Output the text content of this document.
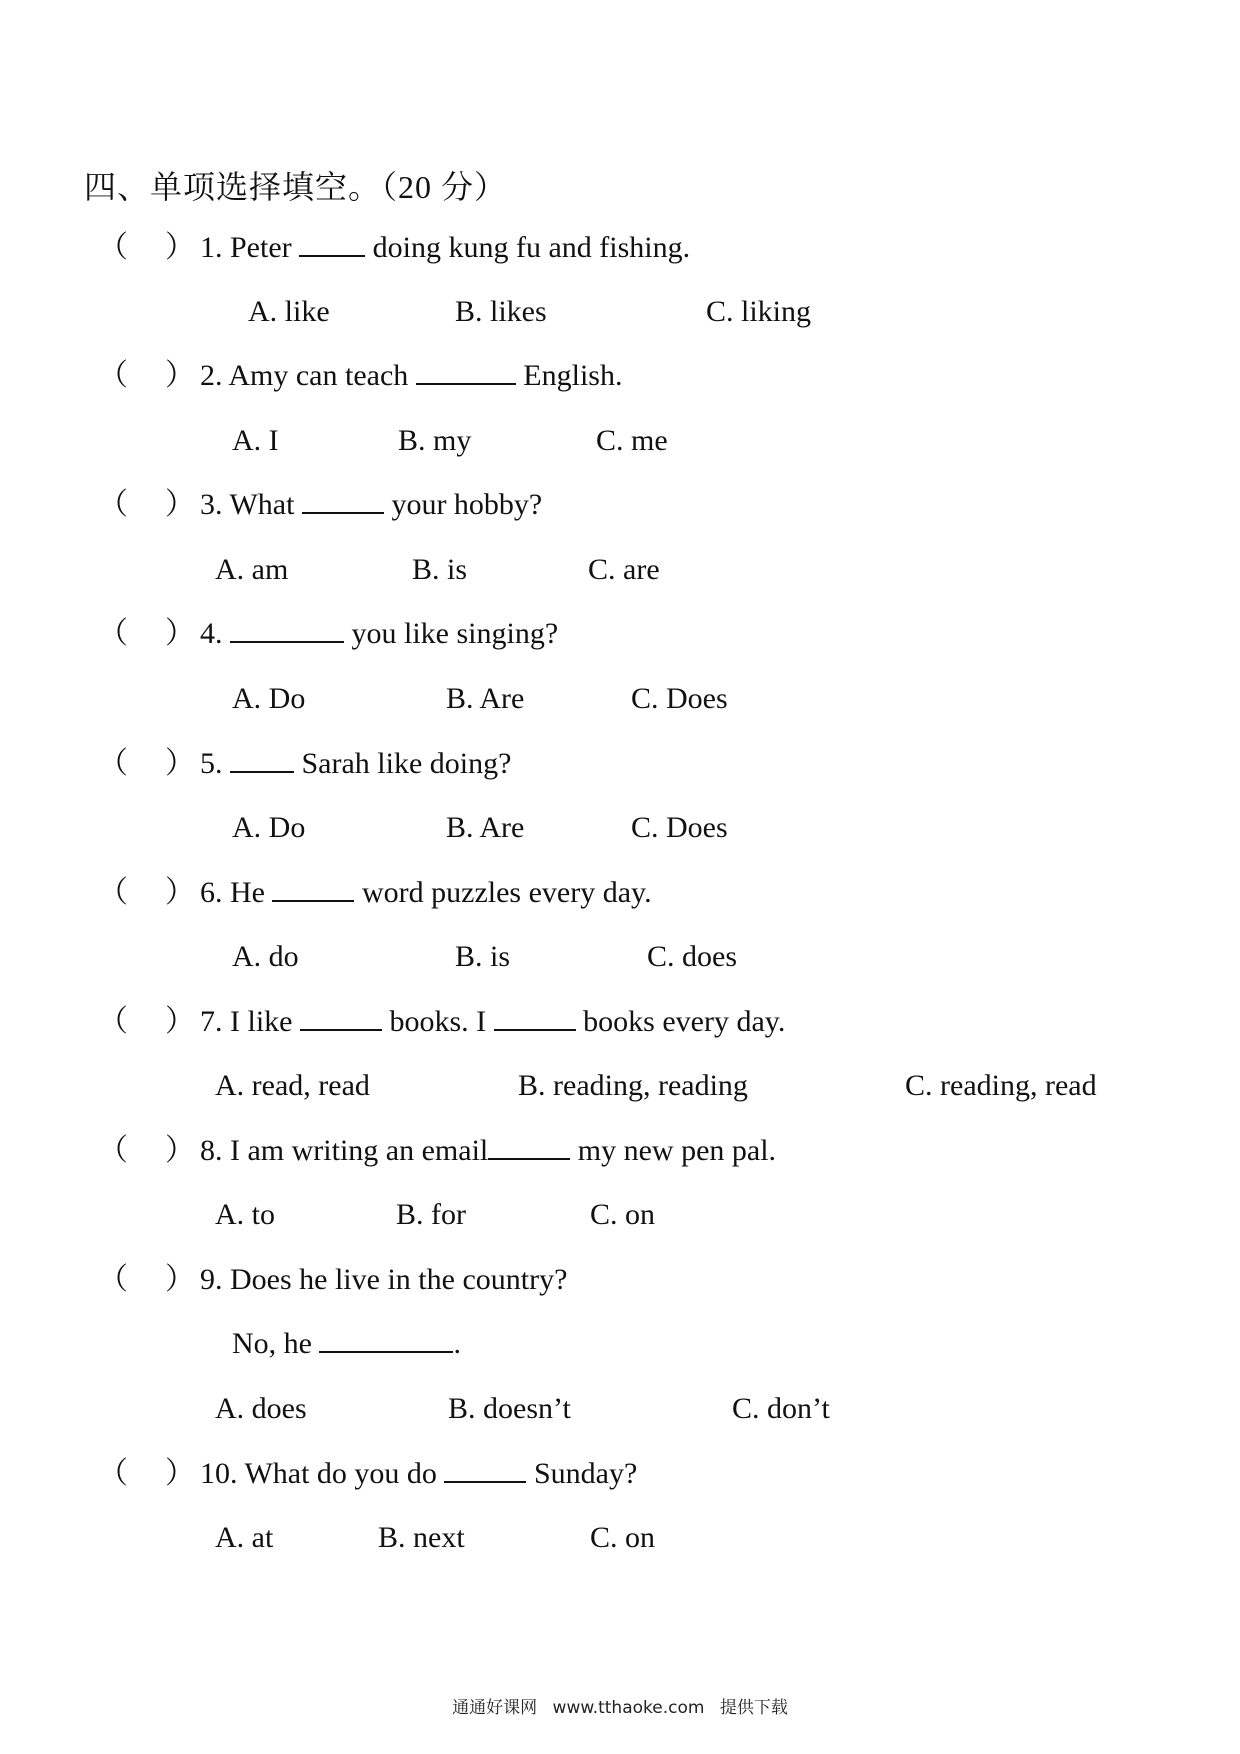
四、单项选择填空。（20 分）
（ ） 1. Peter	doing kung fu and fishing.
A. like	B. likes	C. liking
（ ） 2. Amy can teach	English.
A. I	B. my	C. me
（ ） 3. What	your hobby?
A. am	B. is	C. are
（ ） 4.	you like singing?
A. Do	B. Are	C. Does
（ ） 5.	Sarah like doing?
A. Do	B. Are	C. Does
（ ） 6. He	word puzzles every day.
A. do	B. is	C. does
（ ） 7. I like	books. I	books every day.
A. read, read	B. reading, reading	C. reading, read
（ ） 8. I am writing an email	my new pen pal.
A. to	B. for	C. on
（ ） 9. Does he live in the country?
No, he	.
A. does	B. doesn’t	C. don’t
（ ） 10. What do you do	Sunday?
A. at	B. next	C. on
通通好课网 www.tthaoke.com 提供下载
